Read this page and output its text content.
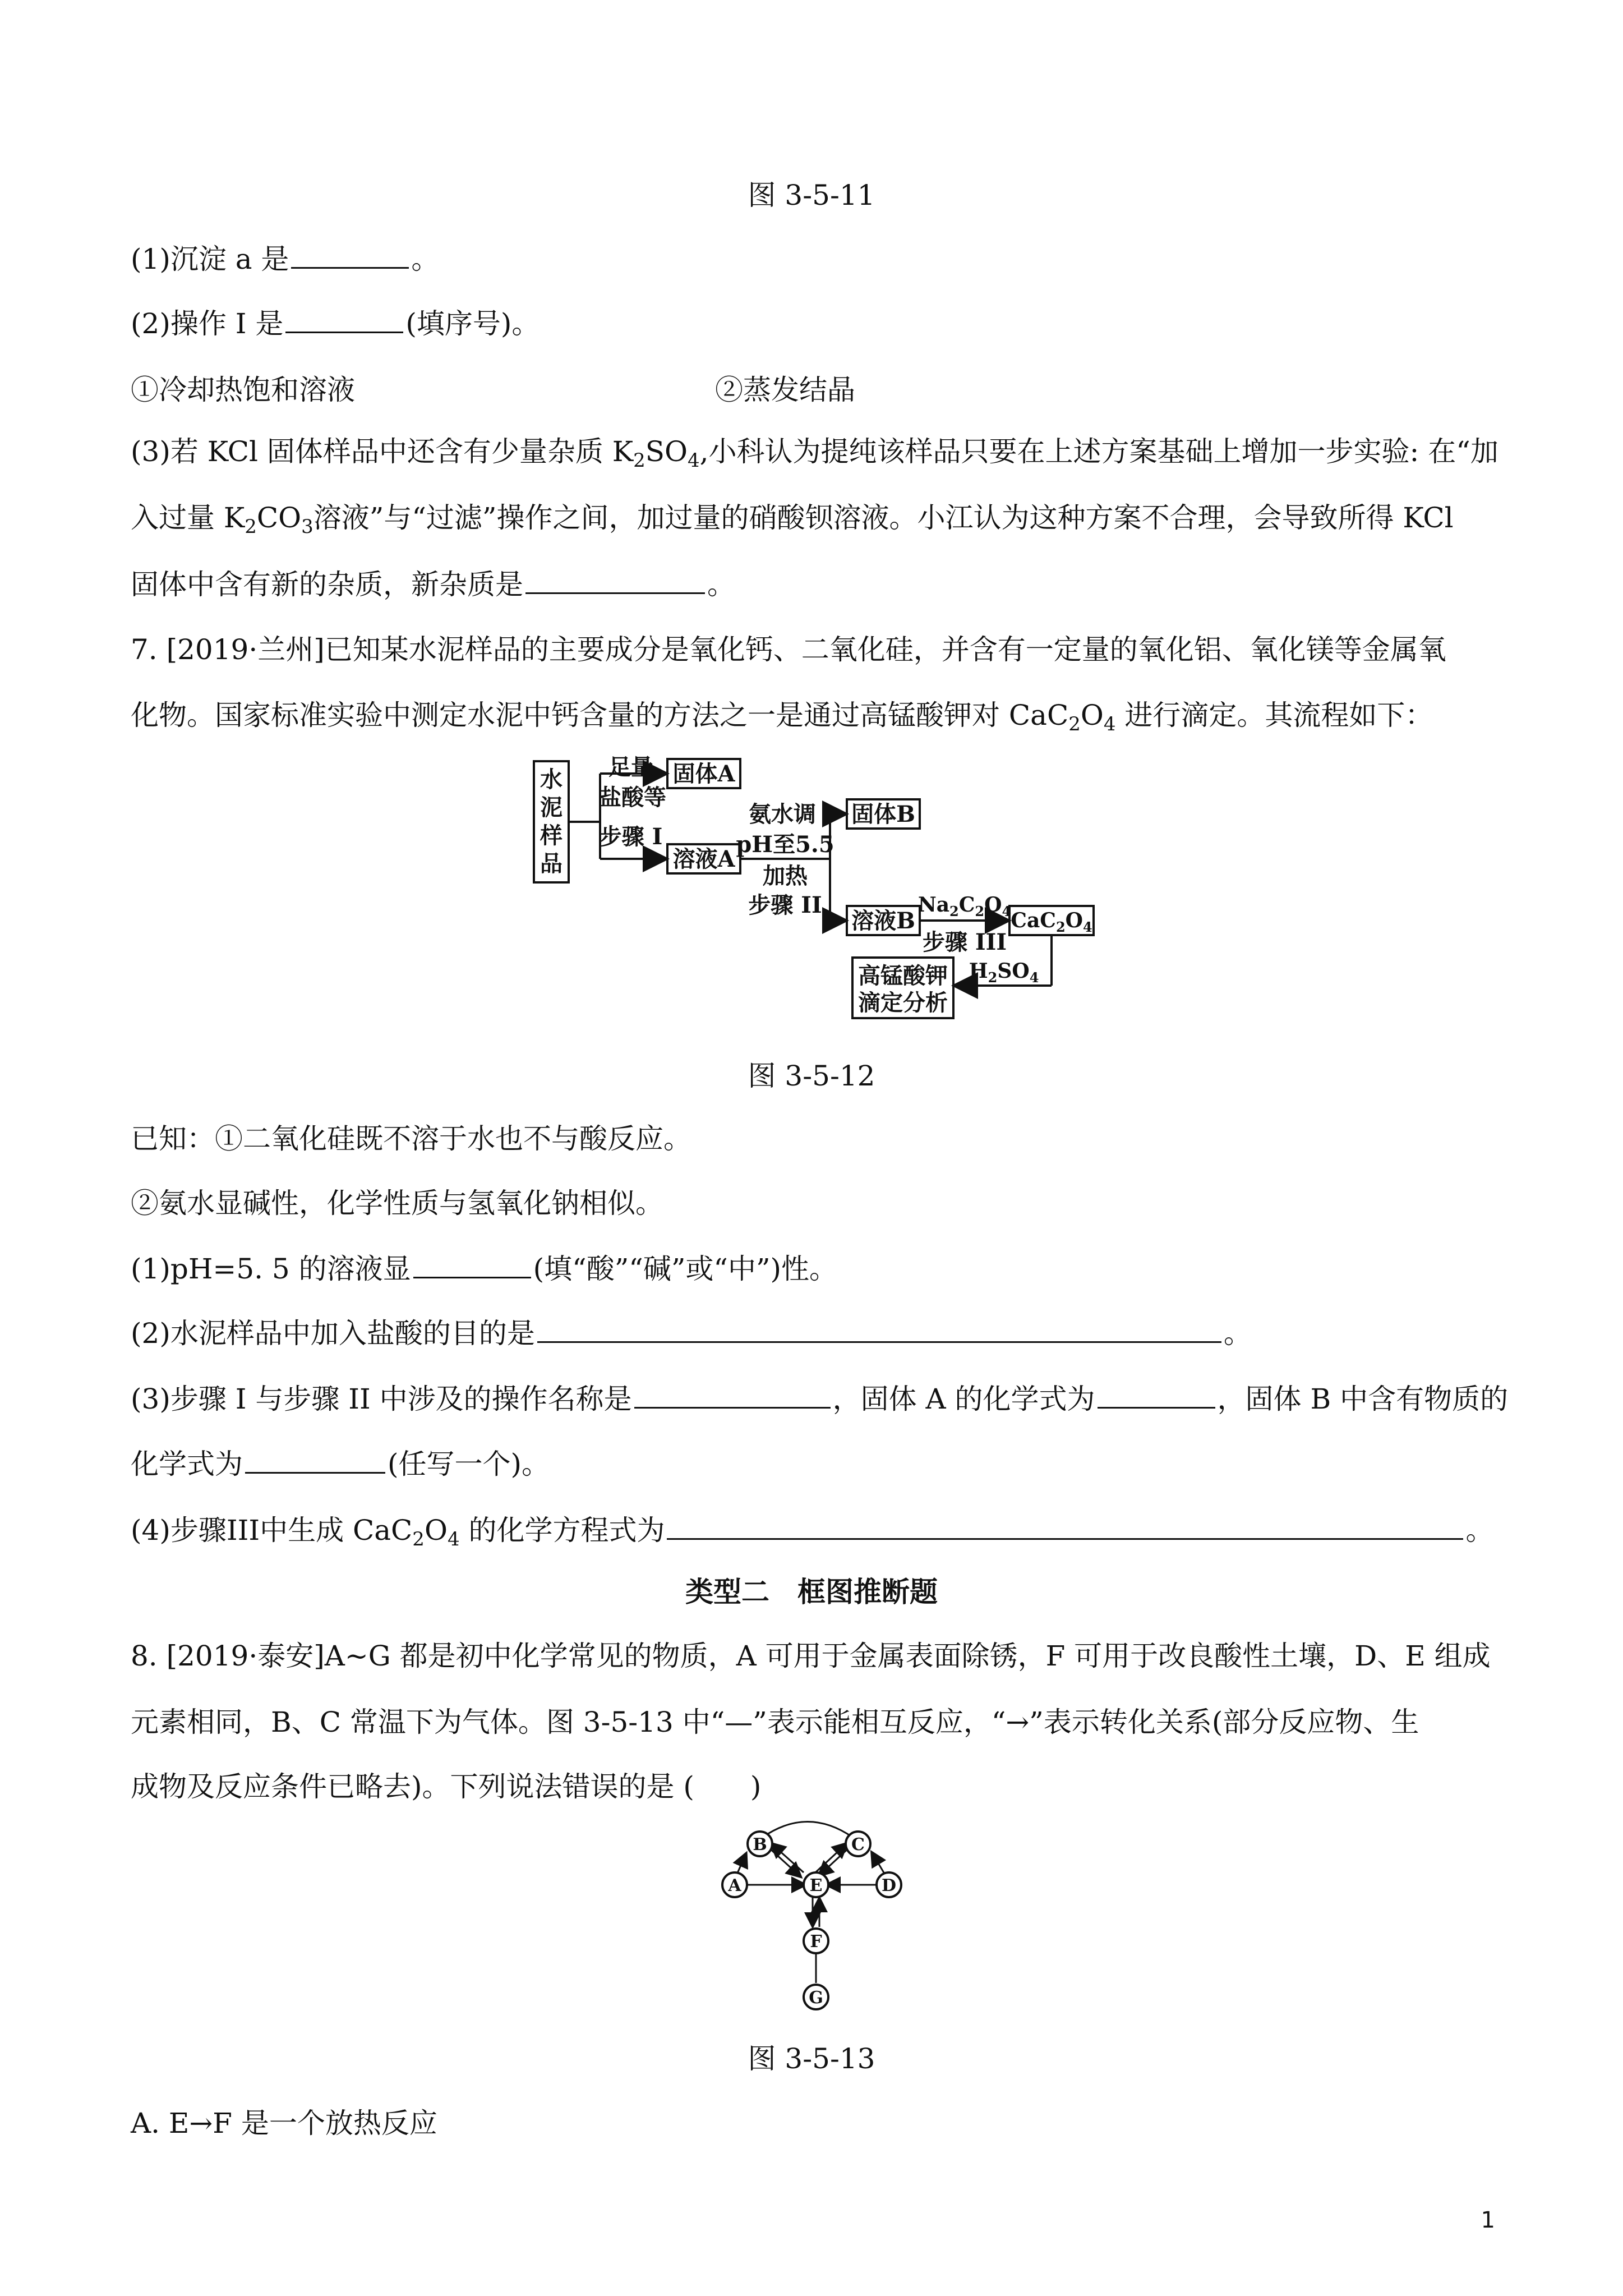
图 3-5-11
(1)沉淀 a 是	。
(2)操作 I 是	(填序号)。
①冷却热饱和溶液	②蒸发结晶
(3)若 KCl 固体样品中还含有少量杂质 $K_2SO_4$,小科认为提纯该样品只要在上述方案基础上增加一步实验: 在“加
入过量 $K_2CO_3$溶液”与“过滤”操作之间，加过量的硝酸钡溶液。小江认为这种方案不合理，会导致所得 KCl
固体中含有新的杂质，新杂质是	。
7. [2019·兰州]已知某水泥样品的主要成分是氧化钙、二氧化硅，并含有一定量的氧化铝、氧化镁等金属氧
化物。国家标准实验中测定水泥中钙含量的方法之一是通过高锰酸钾对 $CaC_2O_4$ 进行滴定。其流程如下：
水
泥
样
品
足量
盐酸等
步骤 I
固体A
溶液A
氨水调
pH至5.5
加热
步骤 II
固体B
溶液B
$Na_2C_2O_4$
步骤 III
$CaC_2O_4$
$H_2SO_4$
高锰酸钾
滴定分析
图 3-5-12
已知：①二氧化硅既不溶于水也不与酸反应。
②氨水显碱性，化学性质与氢氧化钠相似。
(1)pH=5. 5 的溶液显	(填“酸”“碱”或“中”)性。
(2)水泥样品中加入盐酸的目的是	。
(3)步骤 I 与步骤 II 中涉及的操作名称是	，固体 A 的化学式为	，固体 B 中含有物质的
化学式为	(任写一个)。
(4)步骤III中生成 $CaC_2O_4$ 的化学方程式为	。
类型二　框图推断题
8. [2019·泰安]A~G 都是初中化学常见的物质，A 可用于金属表面除锈，F 可用于改良酸性土壤，D、E 组成
元素相同，B、C 常温下为气体。图 3-5-13 中“—”表示能相互反应，“→”表示转化关系(部分反应物、生
成物及反应条件已略去)。下列说法错误的是 (　　)
B	C
A	E	D
F
G
图 3-5-13
A. E→F 是一个放热反应
1
